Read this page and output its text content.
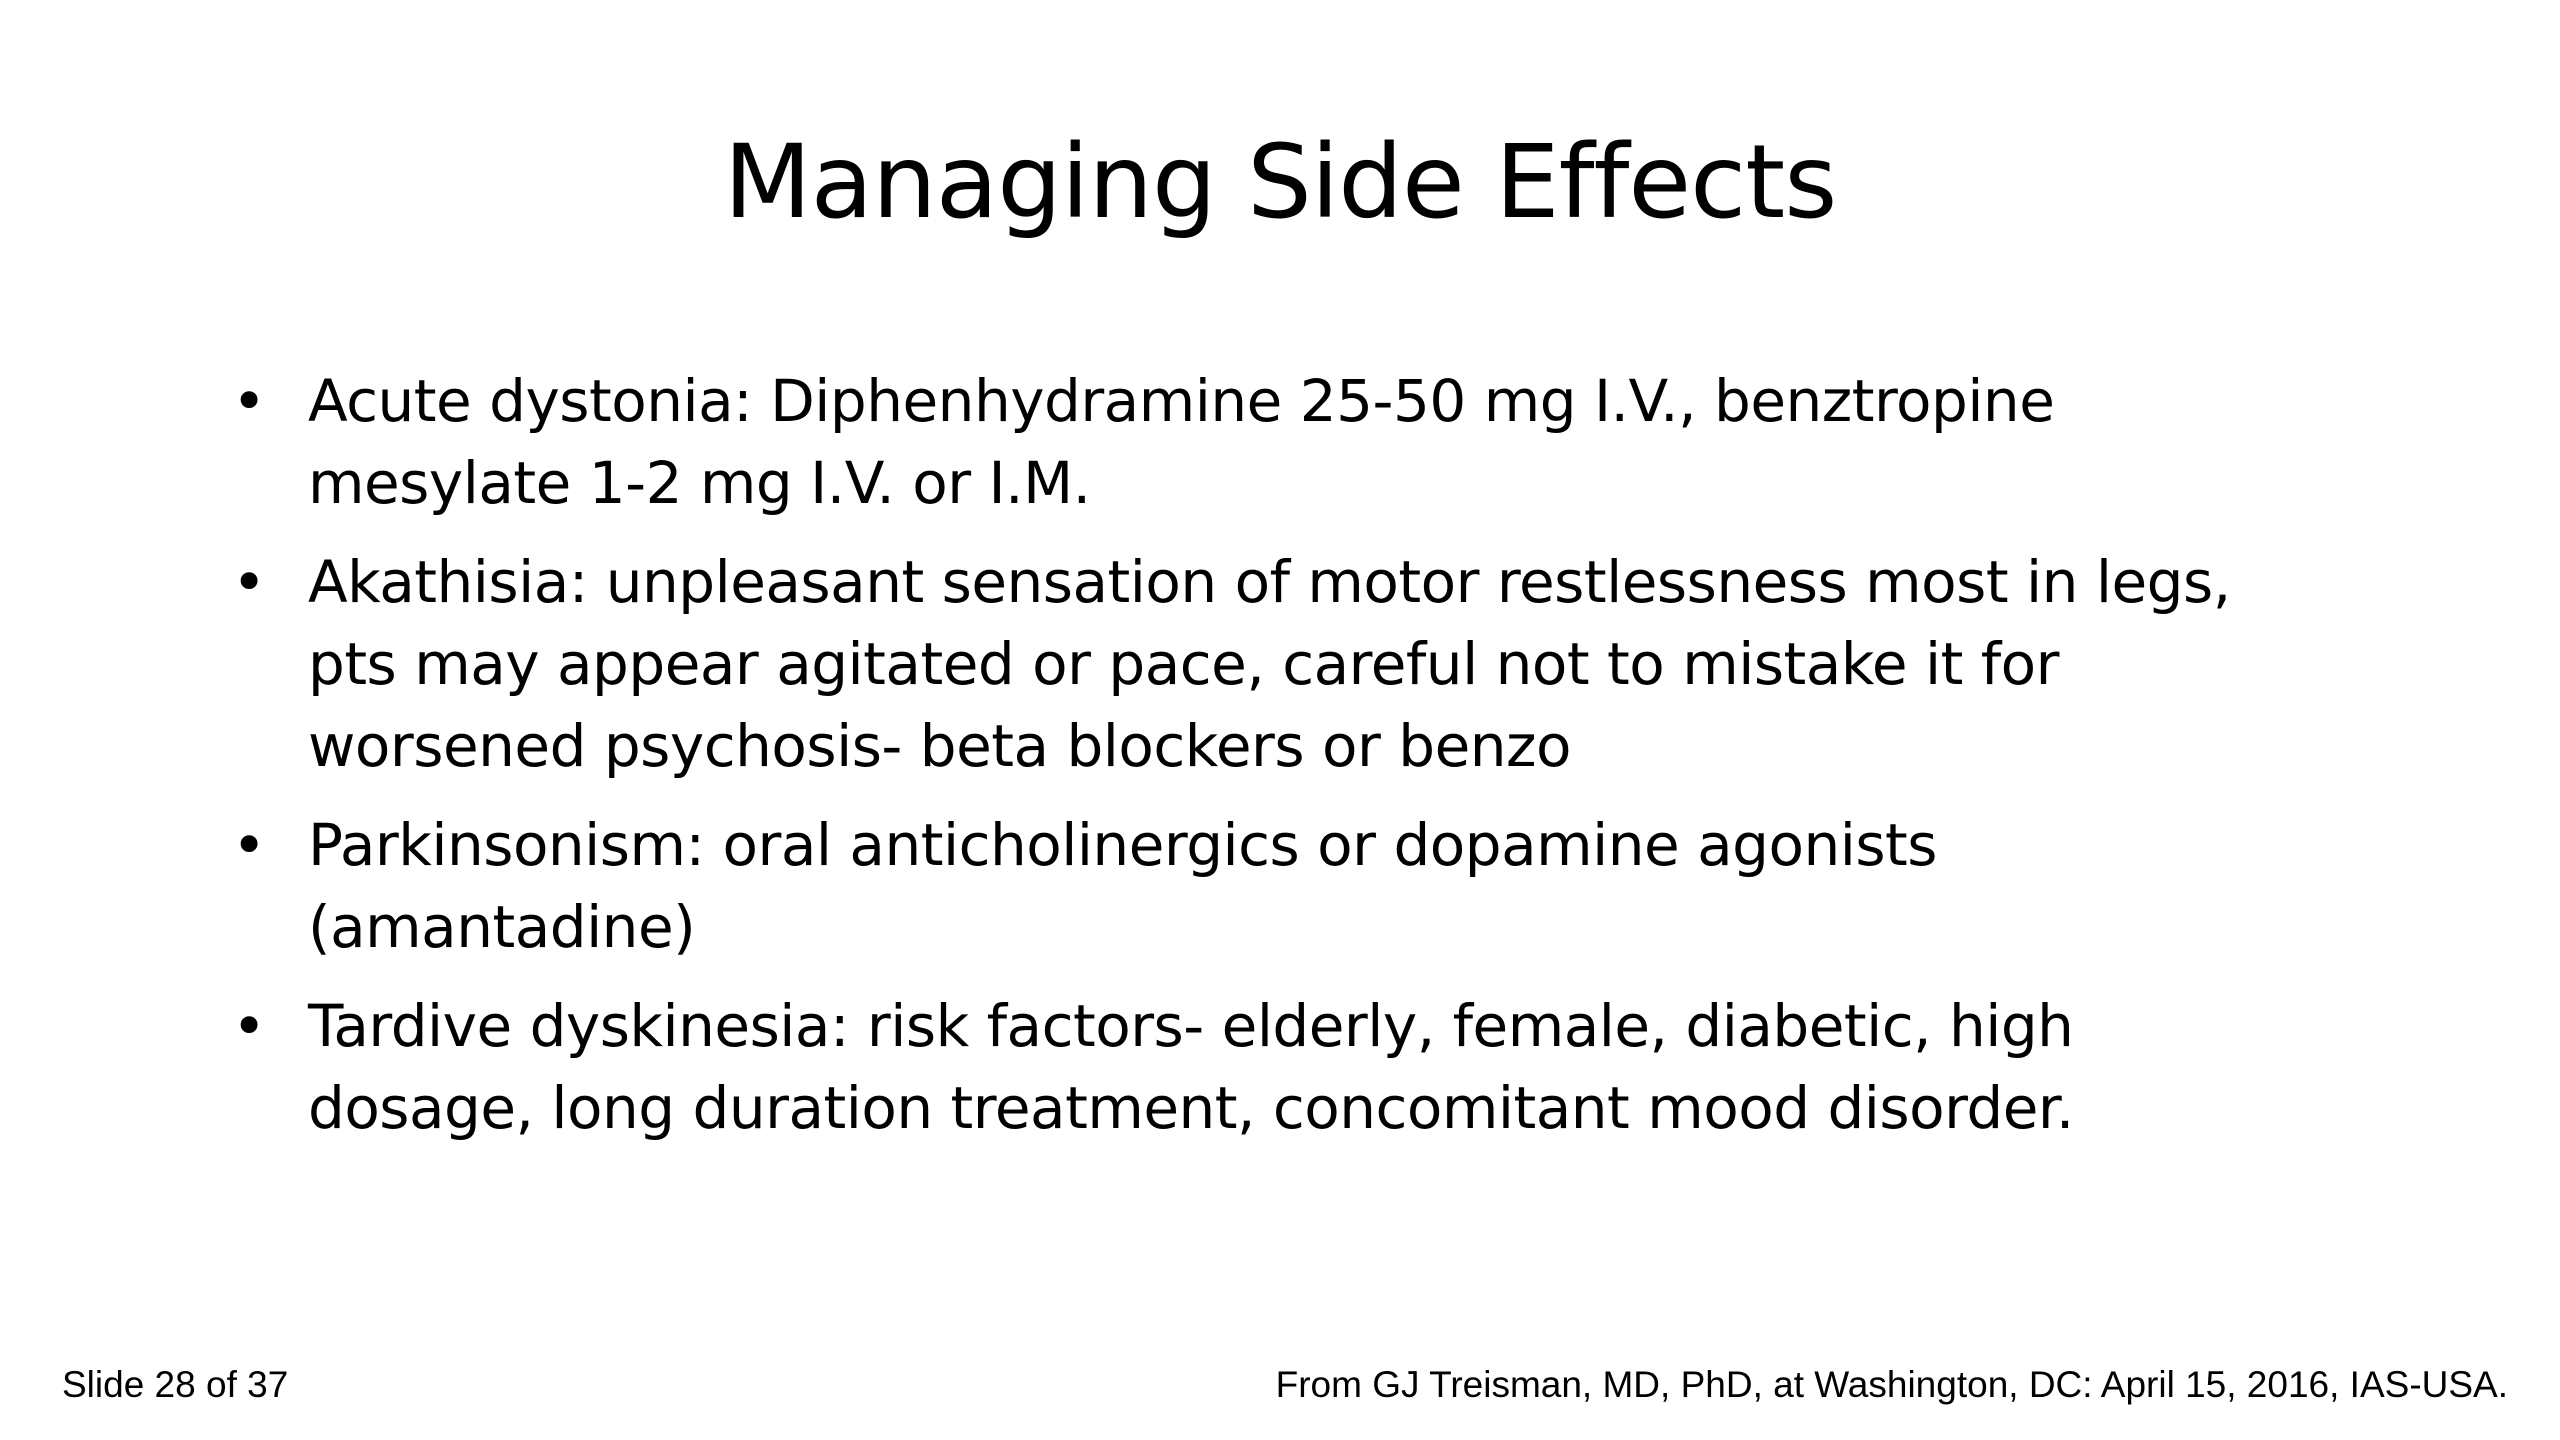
Managing Side Effects
• Acute dystonia: Diphenhydramine 25-50 mg I.V., benztropine mesylate 1-2 mg I.V. or I.M.
• Akathisia: unpleasant sensation of motor restlessness most in legs, pts may appear agitated or pace, careful not to mistake it for worsened psychosis- beta blockers or benzo
• Parkinsonism: oral anticholinergics or dopamine agonists (amantadine)
• Tardive dyskinesia: risk factors- elderly, female, diabetic, high dosage, long duration treatment, concomitant mood disorder.
Slide 28 of 37	From GJ Treisman, MD, PhD, at Washington, DC: April 15, 2016, IAS-USA.
